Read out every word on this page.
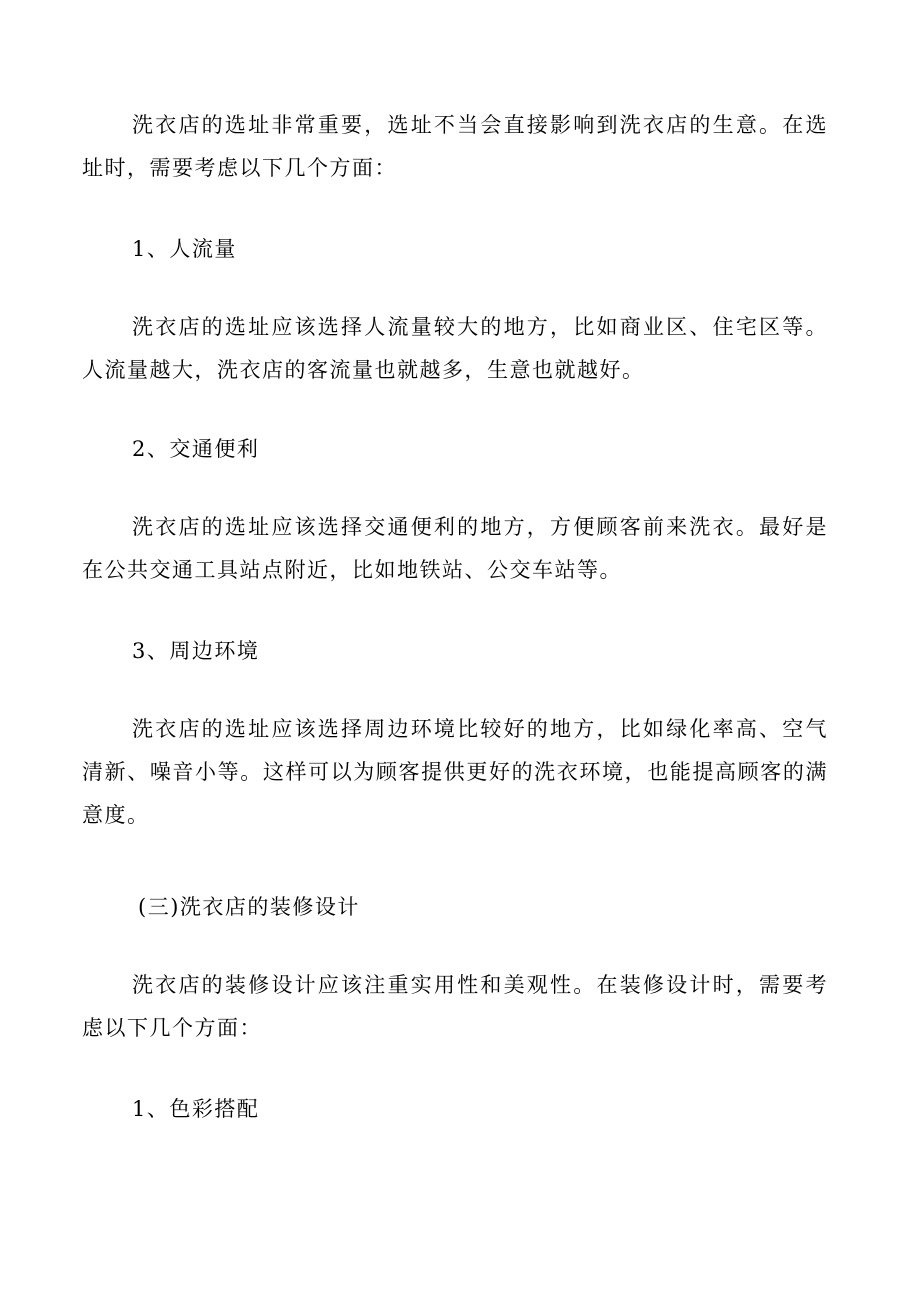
洗衣店的选址非常重要，选址不当会直接影响到洗衣店的生意。在选址时，需要考虑以下几个方面：

1、人流量

洗衣店的选址应该选择人流量较大的地方，比如商业区、住宅区等。人流量越大，洗衣店的客流量也就越多，生意也就越好。

2、交通便利

洗衣店的选址应该选择交通便利的地方，方便顾客前来洗衣。最好是在公共交通工具站点附近，比如地铁站、公交车站等。

3、周边环境

洗衣店的选址应该选择周边环境比较好的地方，比如绿化率高、空气清新、噪音小等。这样可以为顾客提供更好的洗衣环境，也能提高顾客的满意度。

(三)洗衣店的装修设计

洗衣店的装修设计应该注重实用性和美观性。在装修设计时，需要考虑以下几个方面：

1、色彩搭配
